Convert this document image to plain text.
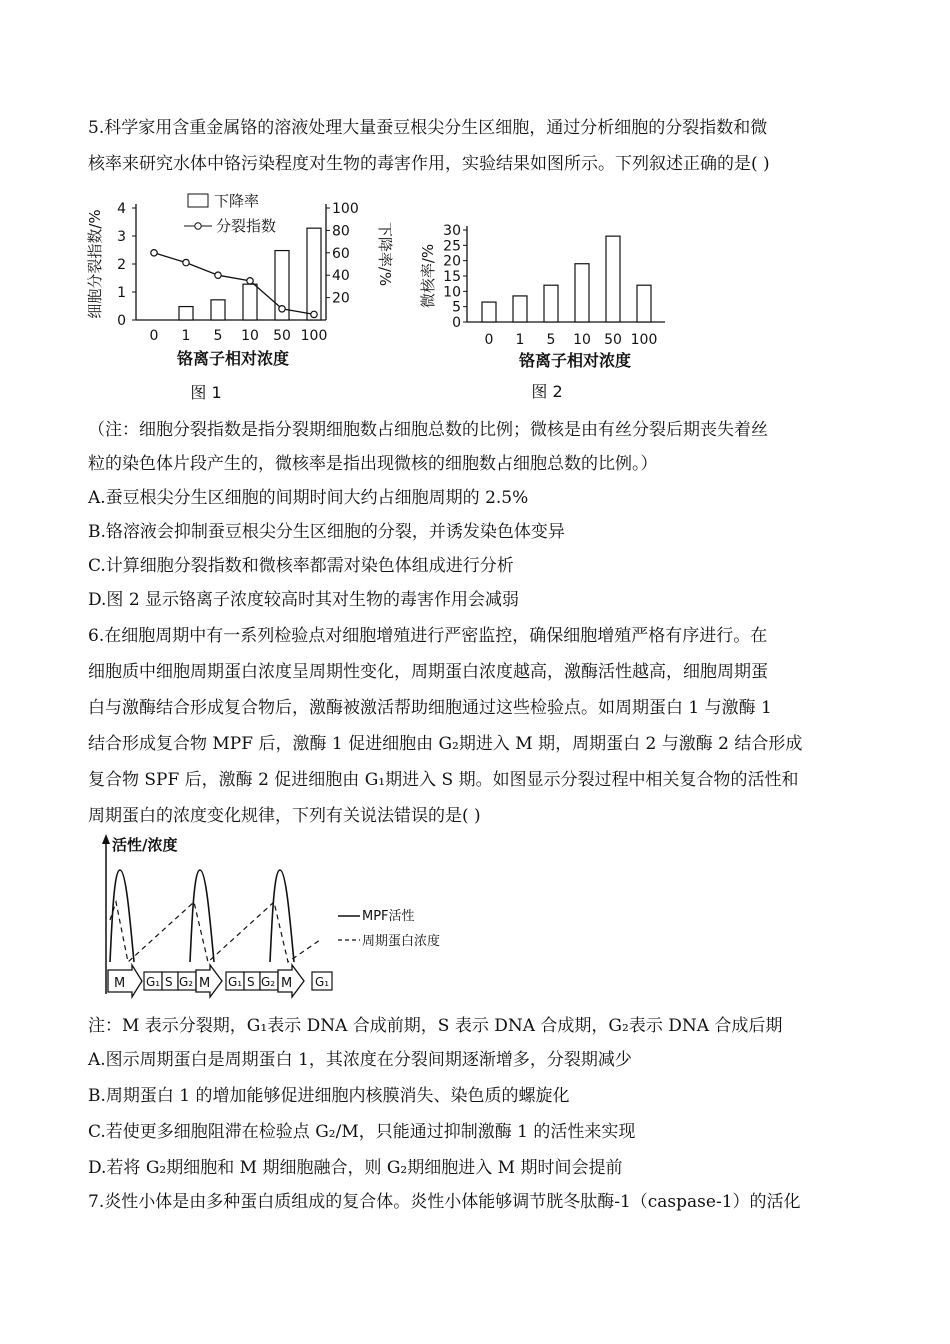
5.科学家用含重金属铬的溶液处理大量蚕豆根尖分生区细胞，通过分析细胞的分裂指数和微
核率来研究水体中铬污染程度对生物的毒害作用，实验结果如图所示。下列叙述正确的是( )
0
1
2
3
4
20
40
60
80
100
0 1 5 10 50 100
下降率
分裂指数
细胞分裂指数/%	下降率/%
铬离子相对浓度
图 1
0
5
10
15
20
25
30
0 1 5 10 50 100
微核率/%
铬离子相对浓度
图 2
（注：细胞分裂指数是指分裂期细胞数占细胞总数的比例；微核是由有丝分裂后期丧失着丝
粒的染色体片段产生的，微核率是指出现微核的细胞数占细胞总数的比例。）
A.蚕豆根尖分生区细胞的间期时间大约占细胞周期的 2.5%
B.铬溶液会抑制蚕豆根尖分生区细胞的分裂，并诱发染色体变异
C.计算细胞分裂指数和微核率都需对染色体组成进行分析
D.图 2 显示铬离子浓度较高时其对生物的毒害作用会减弱
6.在细胞周期中有一系列检验点对细胞增殖进行严密监控，确保细胞增殖严格有序进行。在
细胞质中细胞周期蛋白浓度呈周期性变化，周期蛋白浓度越高，激酶活性越高，细胞周期蛋
白与激酶结合形成复合物后，激酶被激活帮助细胞通过这些检验点。如周期蛋白 1 与激酶 1
结合形成复合物 MPF 后，激酶 1 促进细胞由 G₂期进入 M 期，周期蛋白 2 与激酶 2 结合形成
复合物 SPF 后，激酶 2 促进细胞由 G₁期进入 S 期。如图显示分裂过程中相关复合物的活性和
周期蛋白的浓度变化规律，下列有关说法错误的是( )
活性/浓度
MPF活性
周期蛋白浓度
M G₁ S G₂ M G₁ S G₂ M G₁
注：M 表示分裂期，G₁表示 DNA 合成前期，S 表示 DNA 合成期，G₂表示 DNA 合成后期
A.图示周期蛋白是周期蛋白 1，其浓度在分裂间期逐渐增多，分裂期减少
B.周期蛋白 1 的增加能够促进细胞内核膜消失、染色质的螺旋化
C.若使更多细胞阻滞在检验点 G₂/M，只能通过抑制激酶 1 的活性来实现
D.若将 G₂期细胞和 M 期细胞融合，则 G₂期细胞进入 M 期时间会提前
7.炎性小体是由多种蛋白质组成的复合体。炎性小体能够调节胱冬肽酶-1（caspase-1）的活化
